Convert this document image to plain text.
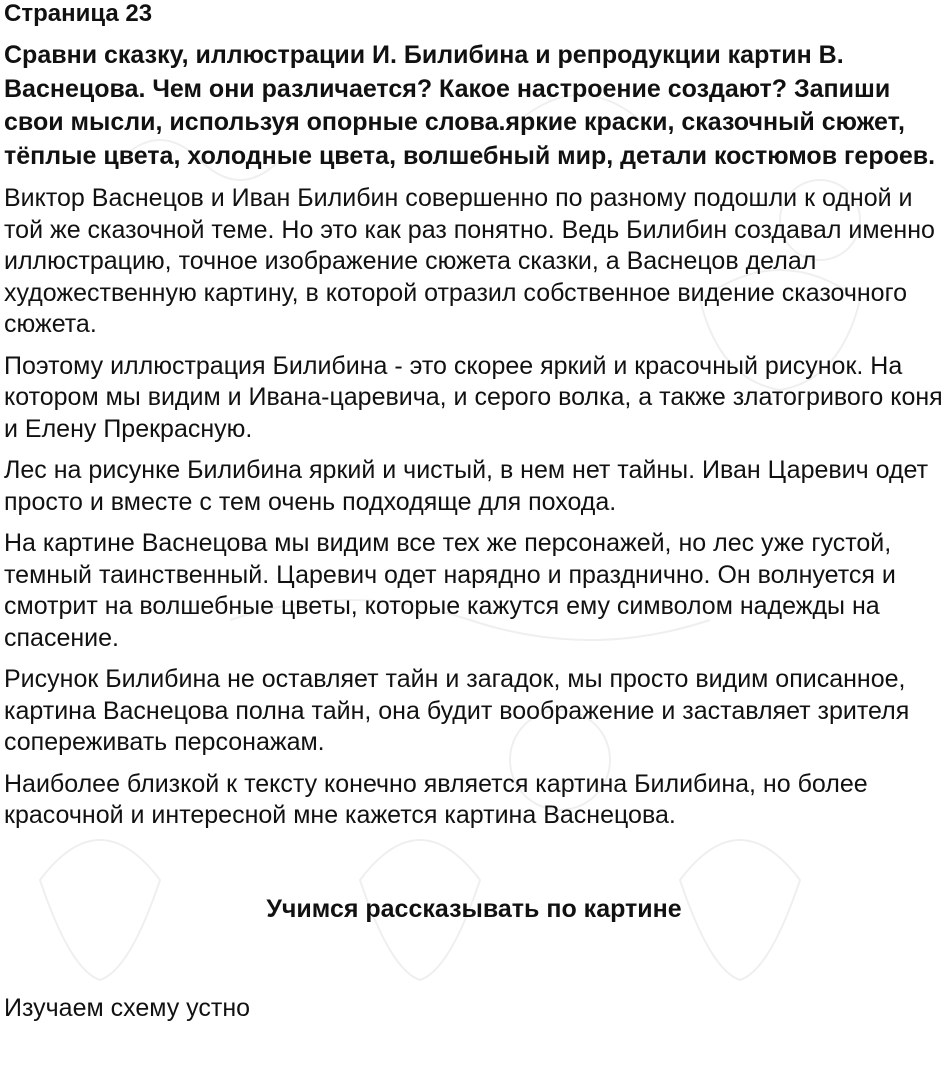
Страница 23
Сравни сказку, иллюстрации И. Билибина и репродукции картин В. Васнецова. Чем они различается? Какое настроение создают? Запиши свои мысли, используя опорные слова.яркие краски, сказочный сюжет, тёплые цвета, холодные цвета, волшебный мир, детали костюмов героев.
Виктор Васнецов и Иван Билибин совершенно по разному подошли к одной и той же сказочной теме. Но это как раз понятно. Ведь Билибин создавал именно иллюстрацию, точное изображение сюжета сказки, а Васнецов делал художественную картину, в которой отразил собственное видение сказочного сюжета.
Поэтому иллюстрация Билибина - это скорее яркий и красочный рисунок. На котором мы видим и Ивана-царевича, и серого волка, а также златогривого коня и Елену Прекрасную.
Лес на рисунке Билибина яркий и чистый, в нем нет тайны. Иван Царевич одет просто и вместе с тем очень подходяще для похода.
На картине Васнецова мы видим все тех же персонажей, но лес уже густой, темный таинственный. Царевич одет нарядно и празднично. Он волнуется и смотрит на волшебные цветы, которые кажутся ему символом надежды на спасение.
Рисунок Билибина не оставляет тайн и загадок, мы просто видим описанное, картина Васнецова полна тайн, она будит воображение и заставляет зрителя сопереживать персонажам.
Наиболее близкой к тексту конечно является картина Билибина, но более красочной и интересной мне кажется картина Васнецова.
Учимся рассказывать по картине
Изучаем схему устно
